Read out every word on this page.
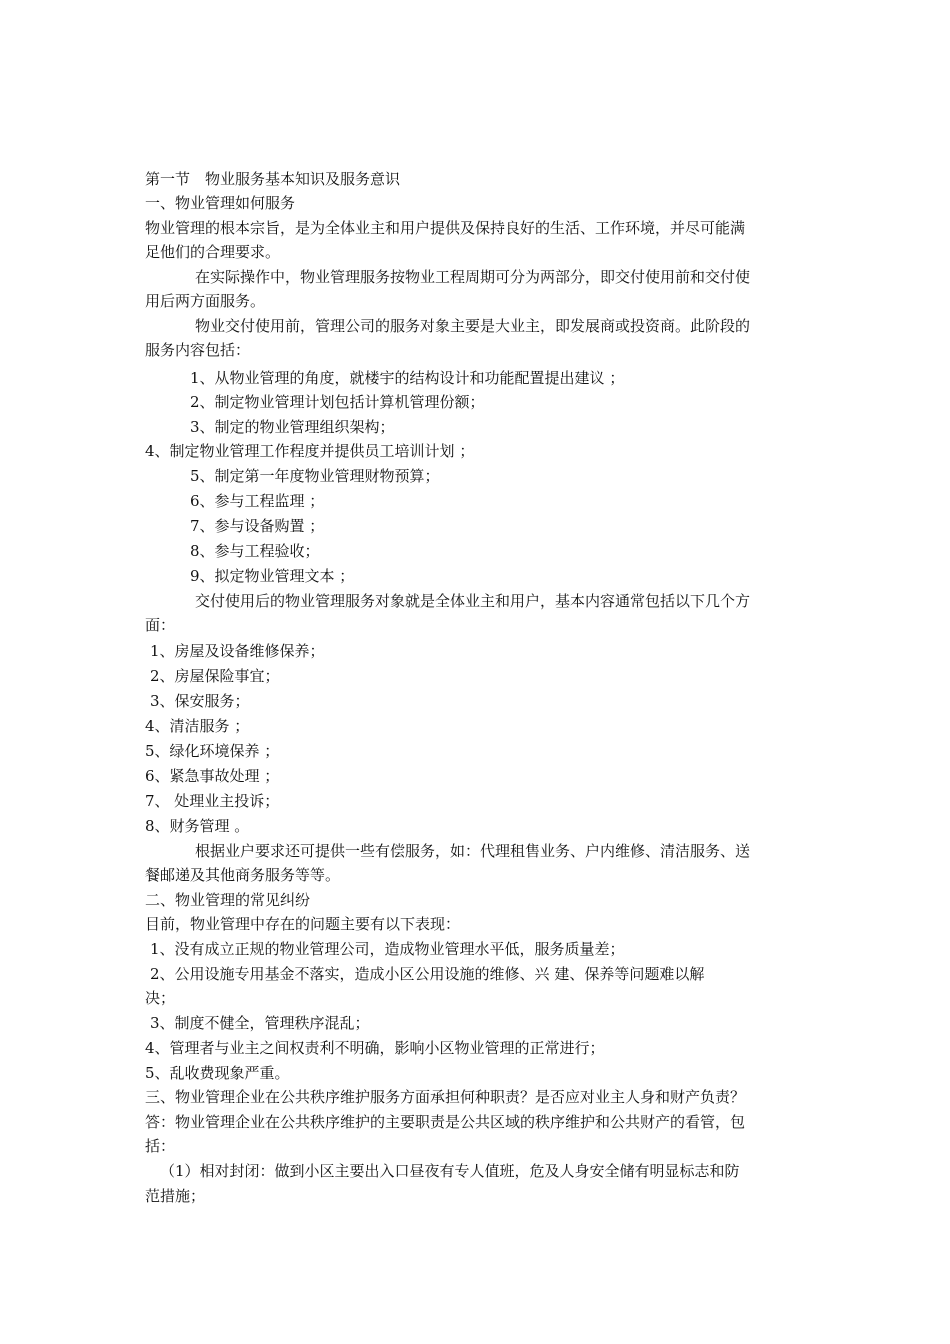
第一节　物业服务基本知识及服务意识
一、物业管理如何服务
物业管理的根本宗旨，是为全体业主和用户提供及保持良好的生活、工作环境，并尽可能满
足他们的合理要求。
在实际操作中，物业管理服务按物业工程周期可分为两部分，即交付使用前和交付使
用后两方面服务。
物业交付使用前，管理公司的服务对象主要是大业主，即发展商或投资商。此阶段的
服务内容包括：
1、从物业管理的角度，就楼宇的结构设计和功能配置提出建议 ；
2、制定物业管理计划包括计算机管理份额；
3、制定的物业管理组织架构；
4、制定物业管理工作程度并提供员工培训计划 ；
5、制定第一年度物业管理财物预算；
6、参与工程监理 ；
7、参与设备购置 ；
8、参与工程验收；
9、拟定物业管理文本 ；
交付使用后的物业管理服务对象就是全体业主和用户，基本内容通常包括以下几个方
面：
1、房屋及设备维修保养；
2、房屋保险事宜；
3、保安服务；
4、清洁服务 ；
5、绿化环境保养 ；
6、紧急事故处理 ；
7、 处理业主投诉；
8、财务管理 。
根据业户要求还可提供一些有偿服务，如：代理租售业务、户内维修、清洁服务、送
餐邮递及其他商务服务等等。
二、物业管理的常见纠纷
目前，物业管理中存在的问题主要有以下表现：
1、没有成立正规的物业管理公司，造成物业管理水平低，服务质量差；
2、公用设施专用基金不落实，造成小区公用设施的维修、兴 建、保养等问题难以解
决；
3、制度不健全，管理秩序混乱；
4、管理者与业主之间权责利不明确，影响小区物业管理的正常进行；
5、乱收费现象严重。
三、物业管理企业在公共秩序维护服务方面承担何种职责？是否应对业主人身和财产负责？
答：物业管理企业在公共秩序维护的主要职责是公共区域的秩序维护和公共财产的看管，包
括：
（1）相对封闭：做到小区主要出入口昼夜有专人值班，危及人身安全储有明显标志和防
范措施；
